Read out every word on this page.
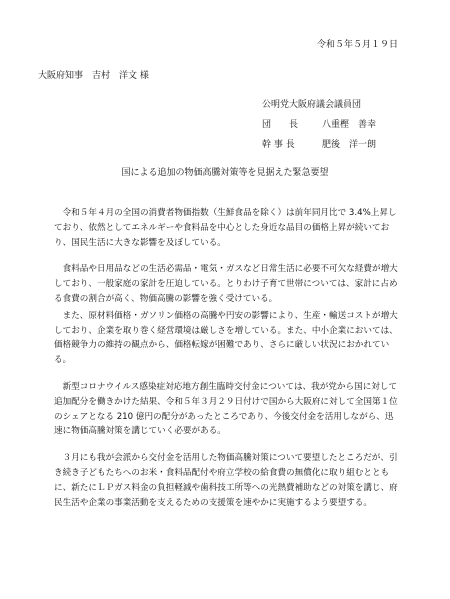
令和５年５月１９日
大阪府知事　吉村　洋文 様
公明党大阪府議会議員団
団　　長	八重樫　善幸
幹 事 長	肥後　洋一朗
国による追加の物価高騰対策等を見据えた緊急要望

令和５年４月の全国の消費者物価指数（生鮮食品を除く）は前年同月比で 3.4%上昇しており、依然としてエネルギーや食料品を中心とした身近な品目の価格上昇が続いており、国民生活に大きな影響を及ぼしている。

食料品や日用品などの生活必需品・電気・ガスなど日常生活に必要不可欠な経費が増大しており、一般家庭の家計を圧迫している。とりわけ子育て世帯については、家計に占める食費の割合が高く、物価高騰の影響を強く受けている。

また、原材料価格・ガソリン価格の高騰や円安の影響により、生産・輸送コストが増大しており、企業を取り巻く経営環境は厳しさを増している。また、中小企業においては、価格競争力の維持の観点から、価格転嫁が困難であり、さらに厳しい状況におかれている。

新型コロナウイルス感染症対応地方創生臨時交付金については、我が党から国に対して追加配分を働きかけた結果、令和５年３月２９日付けで国から大阪府に対して全国第１位のシェアとなる 210 億円の配分があったところであり、今後交付金を活用しながら、迅速に物価高騰対策を講じていく必要がある。

３月にも我が会派から交付金を活用した物価高騰対策について要望したところだが、引き続き子どもたちへのお米・食料品配付や府立学校の給食費の無償化に取り組むとともに、新たにＬＰガス料金の負担軽減や歯科技工所等への光熱費補助などの対策を講じ、府民生活や企業の事業活動を支えるための支援策を速やかに実施するよう要望する。
